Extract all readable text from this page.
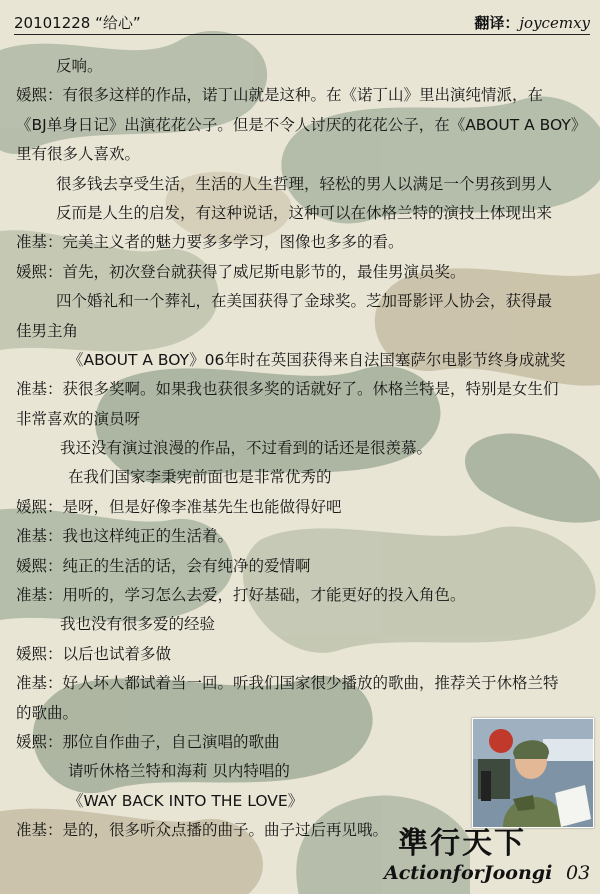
20101228 “给心”	翻译：joycemxy
反响。
媛熙：有很多这样的作品，诺丁山就是这种。在《诺丁山》里出演纯情派，在
《BJ单身日记》出演花花公子。但是不令人讨厌的花花公子，在《ABOUT A BOY》
里有很多人喜欢。
很多钱去享受生活，生活的人生哲理，轻松的男人以满足一个男孩到男人
反而是人生的启发，有这种说话，这种可以在休格兰特的演技上体现出来
准基：完美主义者的魅力要多多学习，图像也多多的看。
媛熙：首先，初次登台就获得了威尼斯电影节的，最佳男演员奖。
四个婚礼和一个葬礼，在美国获得了金球奖。芝加哥影评人协会，获得最
佳男主角
《ABOUT A BOY》06年时在英国获得来自法国塞萨尔电影节终身成就奖
准基：获很多奖啊。如果我也获很多奖的话就好了。休格兰特是，特别是女生们
非常喜欢的演员呀
我还没有演过浪漫的作品，不过看到的话还是很羡慕。
在我们国家李秉宪前面也是非常优秀的
媛熙：是呀，但是好像李准基先生也能做得好吧
准基：我也这样纯正的生活着。
媛熙：纯正的生活的话，会有纯净的爱情啊
准基：用听的，学习怎么去爱，打好基础，才能更好的投入角色。
我也没有很多爱的经验
媛熙：以后也试着多做
准基：好人坏人都试着当一回。听我们国家很少播放的歌曲，推荐关于休格兰特
的歌曲。
媛熙：那位自作曲子，自己演唱的歌曲
请听休格兰特和海莉 贝内特唱的
《WAY BACK INTO THE LOVE》
准基：是的，很多听众点播的曲子。曲子过后再见哦。 準行天下
ActionforJoongi 03
